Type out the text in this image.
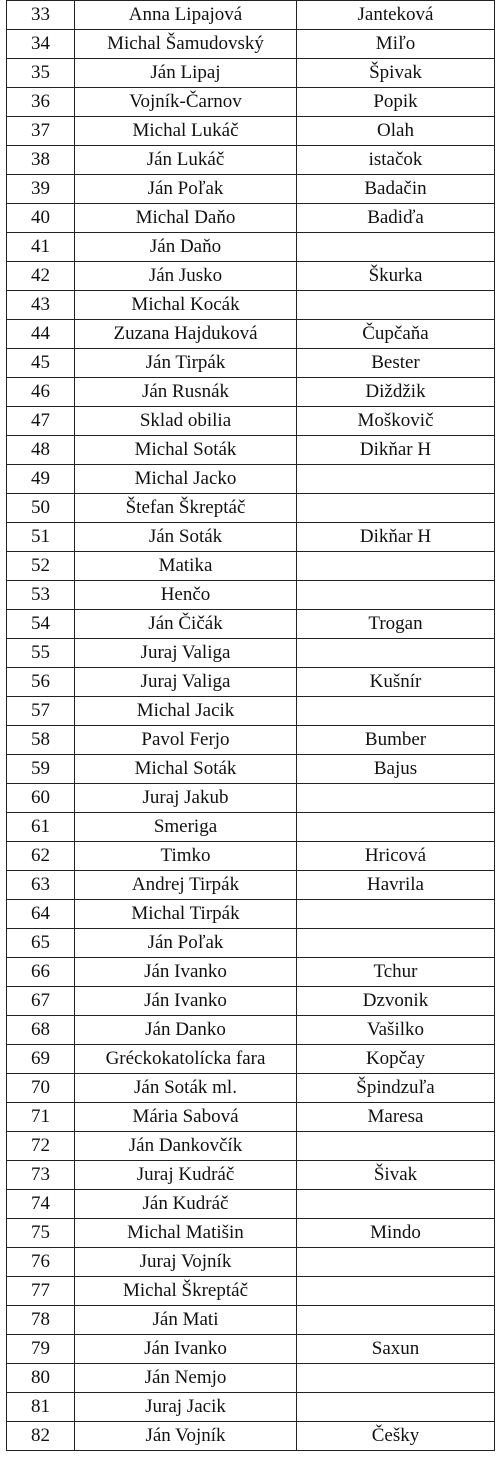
33	Anna Lipajová	Janteková
34	Michal Šamudovský	Miľo
35	Ján Lipaj	Špivak
36	Vojník-Čarnov	Popik
37	Michal Lukáč	Olah
38	Ján Lukáč	istačok
39	Ján Poľak	Badačin
40	Michal Daňo	Badiďa
41	Ján Daňo	
42	Ján Jusko	Škurka
43	Michal Kocák	
44	Zuzana Hajduková	Čupčaňa
45	Ján Tirpák	Bester
46	Ján Rusnák	Diždžik
47	Sklad obilia	Moškovič
48	Michal Soták	Dikňar H
49	Michal Jacko	
50	Štefan Škreptáč	
51	Ján Soták	Dikňar H
52	Matika	
53	Henčo	
54	Ján Čičák	Trogan
55	Juraj Valiga	
56	Juraj Valiga	Kušnír
57	Michal Jacik	
58	Pavol Ferjo	Bumber
59	Michal Soták	Bajus
60	Juraj Jakub	
61	Smeriga	
62	Timko	Hricová
63	Andrej Tirpák	Havrila
64	Michal Tirpák	
65	Ján Poľak	
66	Ján Ivanko	Tchur
67	Ján Ivanko	Dzvonik
68	Ján Danko	Vašilko
69	Gréckokatolícka fara	Kopčay
70	Ján Soták ml.	Špindzuľa
71	Mária Sabová	Maresa
72	Ján Dankovčík	
73	Juraj Kudráč	Šivak
74	Ján Kudráč	
75	Michal Matišin	Mindo
76	Juraj Vojník	
77	Michal Škreptáč	
78	Ján Mati	
79	Ján Ivanko	Saxun
80	Ján Nemjo	
81	Juraj Jacik	
82	Ján Vojník	Češky
